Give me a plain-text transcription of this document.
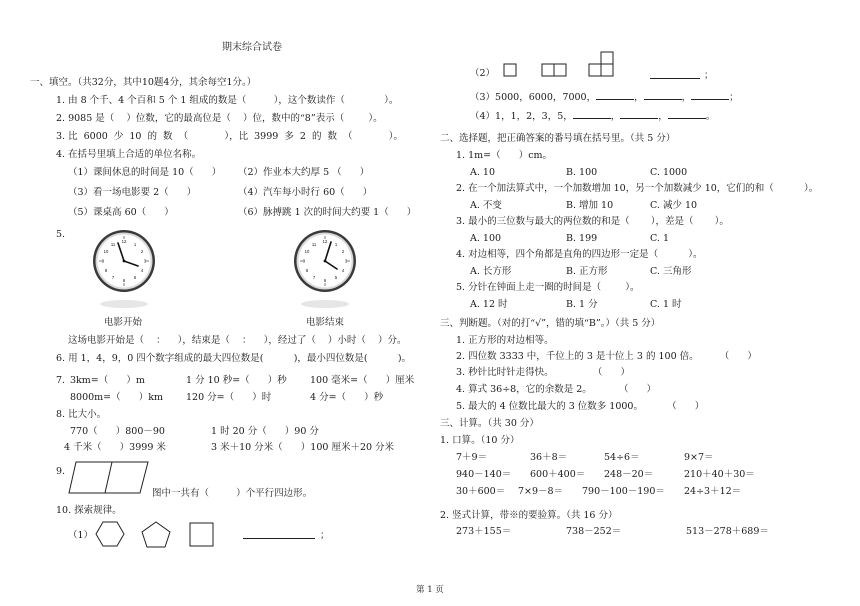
期末综合试卷
一、填空。（共32分，其中10题4分，其余每空1分。）
1. 由 8 个千、4 个百和 5 个 1 组成的数是（         ），这个数读作（             ）。
2. 9085 是（    ）位数，它的最高位是（    ）位，数中的“8”表示（        ）。
3. 比  6000  少  10  的  数  （            ），比  3999  多  2  的  数  （            ）。
4. 在括号里填上合适的单位名称。
（1）课间休息的时间是 10（      ） （2）作业本大约厚 5 （      ）
（3）看一场电影要 2（      ）	（4）汽车每小时行 60（      ）
（5）课桌高 60（      ）	（6）脉搏跳 1 次的时间大约要 1（      ）
5.
12
1
2
3
4
5
6
7
8
9
10
11
12
1
2
3
4
5
6
7
8
9
10
11
电影开始	电影结束
这场电影开始是（    ：    ），结束是（    ：    ），经过了（    ）小时（    ）分。
6. 用 1，4，9，0 四个数字组成的最大四位数是(          )，最小四位数是(          )。
7. 3km=（      ）m	1 分 10 秒=（      ）秒 100 毫米=（      ）厘米
8000m=（      ）km 120 分=（      ）时	4 分=（      ）秒
8. 比大小。
770（      ）800－90	1 时 20 分（      ）90 分
4 千米（      ）3999 米	3 米＋10 分米（      ）100 厘米＋20 分米
9.
图中一共有（         ）个平行四边形。
10. 探索规律。
（1）	；
第 1 页
（2）	；
（3）5000，6000，7000，	，	，	；
（4）1，1，2，3，5，	，	，	。
二、选择题，把正确答案的番号填在括号里。（共 5 分）
1. 1m=（      ）cm。
A. 10	B. 100	C. 1000
2. 在一个加法算式中，一个加数增加 10，另一个加数减少 10，它们的和（          ）。
A. 不变	B. 增加 10	C. 减少 10
3. 最小的三位数与最大的两位数的和是（       ），差是（       ）。
A. 100	B. 199	C. 1
4. 对边相等，四个角都是直角的四边形一定是（          ）。
A. 长方形	B. 正方形	C. 三角形
5. 分针在钟面上走一圈的时间是（        ）。
A. 12 时	B. 1 分	C. 1 时
三、判断题。（对的打“√”，错的填“B”。）（共 5 分）
1. 正方形的对边相等。
2. 四位数 3333 中，千位上的 3 是十位上 3 的 100 倍。       （      ）
3. 秒针比时针走得快。             （      ）
4. 算式 36÷8，它的余数是 2。         （      ）
5. 最大的 4 位数比最大的 3 位数多 1000。        （      ）
三、计算。（共 30 分）
1. 口算。（10 分）
7＋9＝	36＋8＝	54÷6＝	9×7＝
940－140＝ 600＋400＝ 248－20＝	210＋40＋30＝
30＋600＝ 7×9－8＝ 790－100－190＝ 24÷3＋12＝
2. 竖式计算，带※的要验算。（共 16 分）
273＋155＝	738－252＝	513－278＋689＝
